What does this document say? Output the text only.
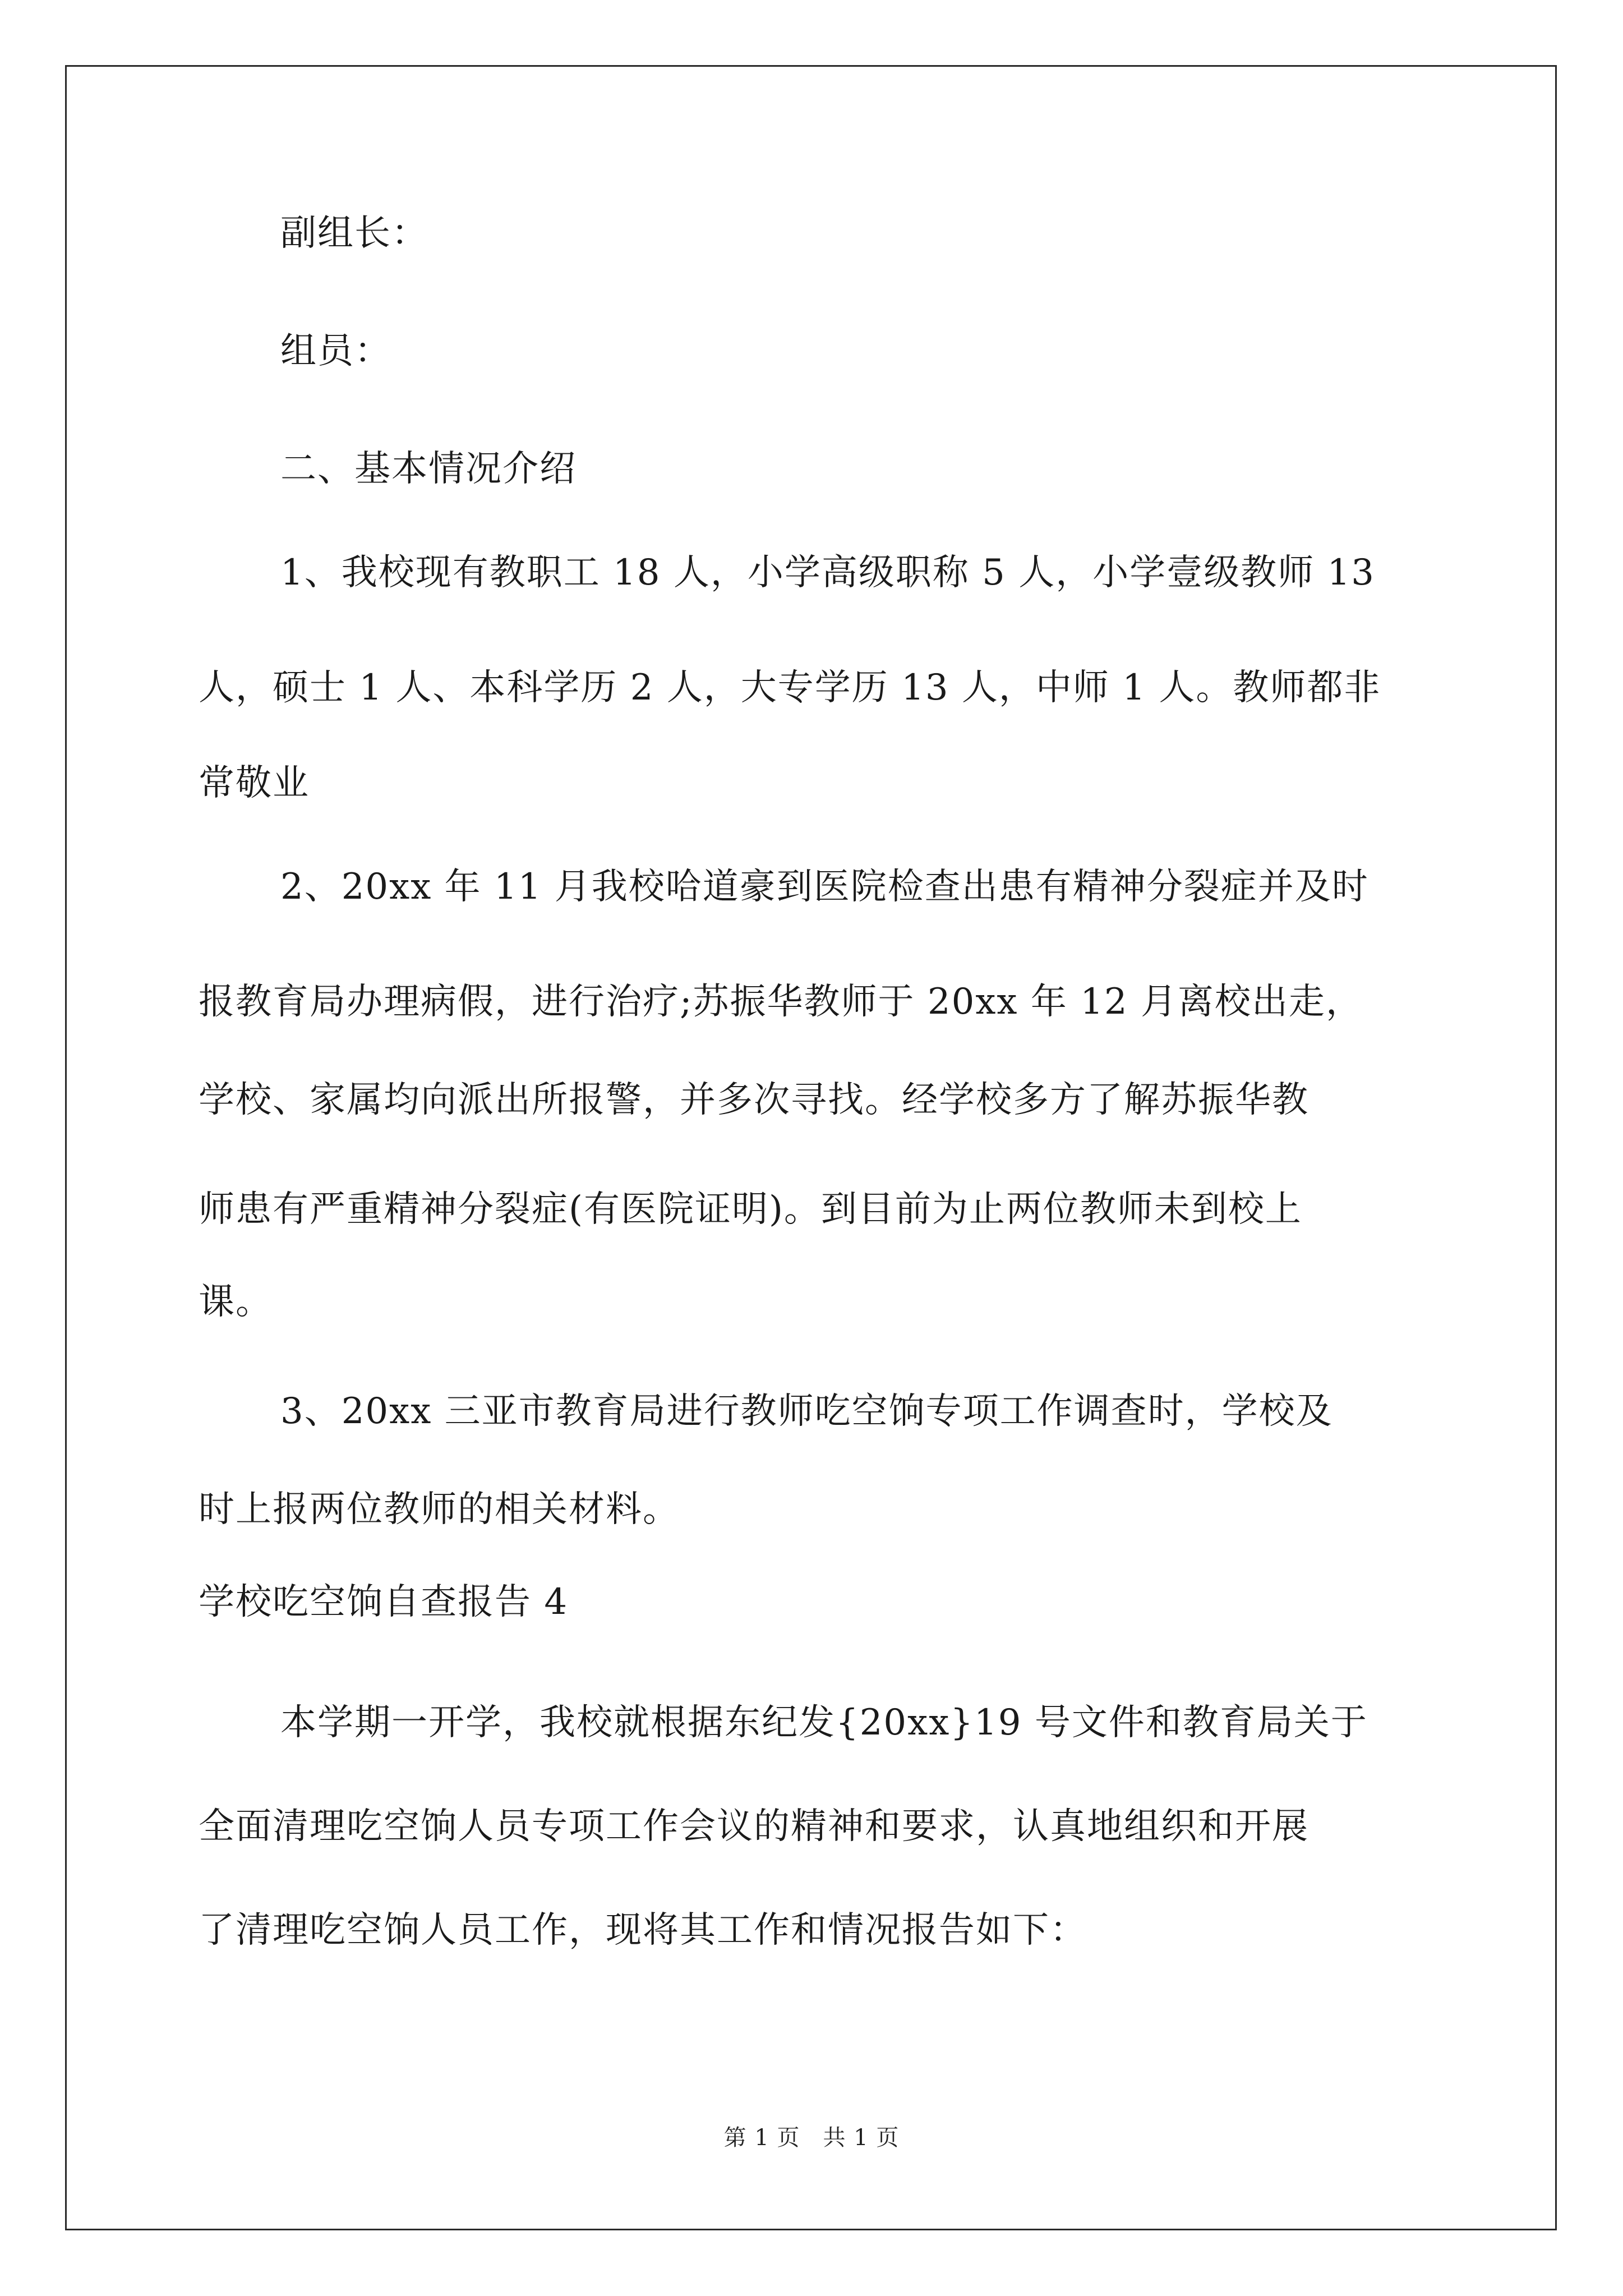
副组长：
组员：
二、基本情况介绍
1、我校现有教职工 18 人，小学高级职称 5 人，小学壹级教师 13
人，硕士 1 人、本科学历 2 人，大专学历 13 人，中师 1 人。教师都非
常敬业
2、20xx 年 11 月我校哈道豪到医院检查出患有精神分裂症并及时
报教育局办理病假，进行治疗;苏振华教师于 20xx 年 12 月离校出走，
学校、家属均向派出所报警，并多次寻找。经学校多方了解苏振华教
师患有严重精神分裂症(有医院证明)。到目前为止两位教师未到校上
课。
3、20xx 三亚市教育局进行教师吃空饷专项工作调查时，学校及
时上报两位教师的相关材料。
学校吃空饷自查报告 4
本学期一开学，我校就根据东纪发{20xx}19 号文件和教育局关于
全面清理吃空饷人员专项工作会议的精神和要求，认真地组织和开展
了清理吃空饷人员工作，现将其工作和情况报告如下：
第 1 页　共 1 页
